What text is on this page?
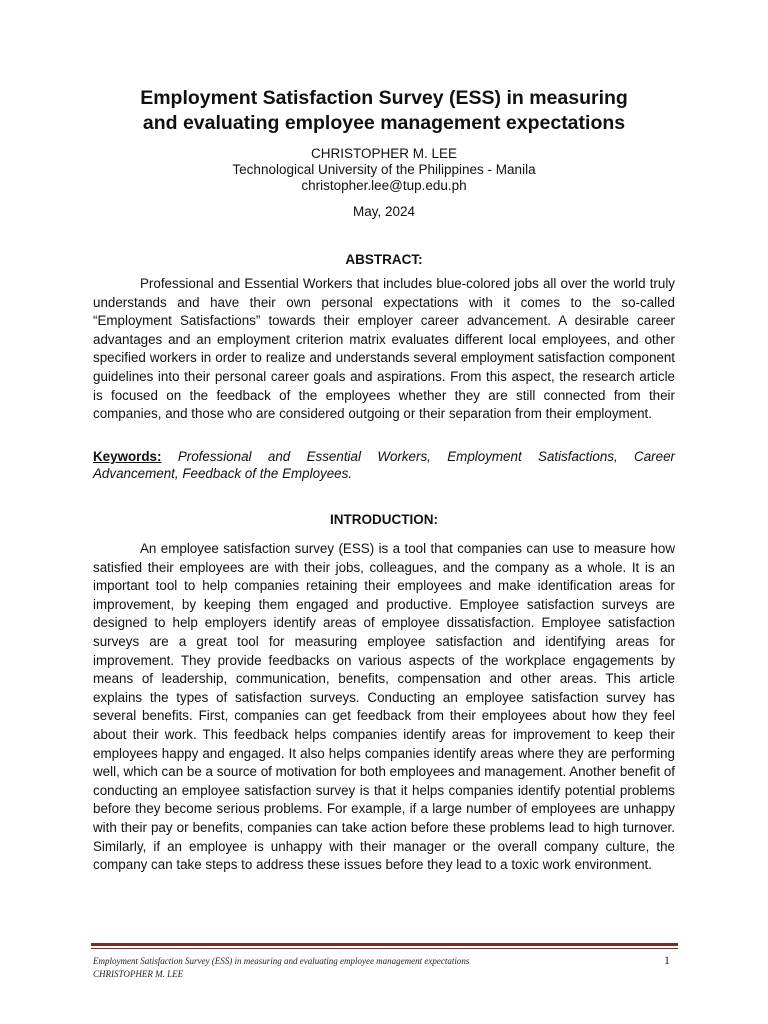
Employment Satisfaction Survey (ESS) in measuring
and evaluating employee management expectations
CHRISTOPHER M. LEE
Technological University of the Philippines - Manila
christopher.lee@tup.edu.ph
May, 2024
ABSTRACT:

Professional and Essential Workers that includes blue-colored jobs all over the world truly understands and have their own personal expectations with it comes to the so-called “Employment Satisfactions” towards their employer career advancement. A desirable career advantages and an employment criterion matrix evaluates different local employees, and other specified workers in order to realize and understands several employment satisfaction component guidelines into their personal career goals and aspirations. From this aspect, the research article is focused on the feedback of the employees whether they are still connected from their companies, and those who are considered outgoing or their separation from their employment.

Keywords: Professional and Essential Workers, Employment Satisfactions, Career Advancement, Feedback of the Employees.

INTRODUCTION:

An employee satisfaction survey (ESS) is a tool that companies can use to measure how satisfied their employees are with their jobs, colleagues, and the company as a whole. It is an important tool to help companies retaining their employees and make identification areas for improvement, by keeping them engaged and productive. Employee satisfaction surveys are designed to help employers identify areas of employee dissatisfaction. Employee satisfaction surveys are a great tool for measuring employee satisfaction and identifying areas for improvement. They provide feedbacks on various aspects of the workplace engagements by means of leadership, communication, benefits, compensation and other areas. This article explains the types of satisfaction surveys. Conducting an employee satisfaction survey has several benefits. First, companies can get feedback from their employees about how they feel about their work. This feedback helps companies identify areas for improvement to keep their employees happy and engaged. It also helps companies identify areas where they are performing well, which can be a source of motivation for both employees and management. Another benefit of conducting an employee satisfaction survey is that it helps companies identify potential problems before they become serious problems. For example, if a large number of employees are unhappy with their pay or benefits, companies can take action before these problems lead to high turnover. Similarly, if an employee is unhappy with their manager or the overall company culture, the company can take steps to address these issues before they lead to a toxic work environment.

Employment Satisfaction Survey (ESS) in measuring and evaluating employee management expectations
CHRISTOPHER M. LEE
1
